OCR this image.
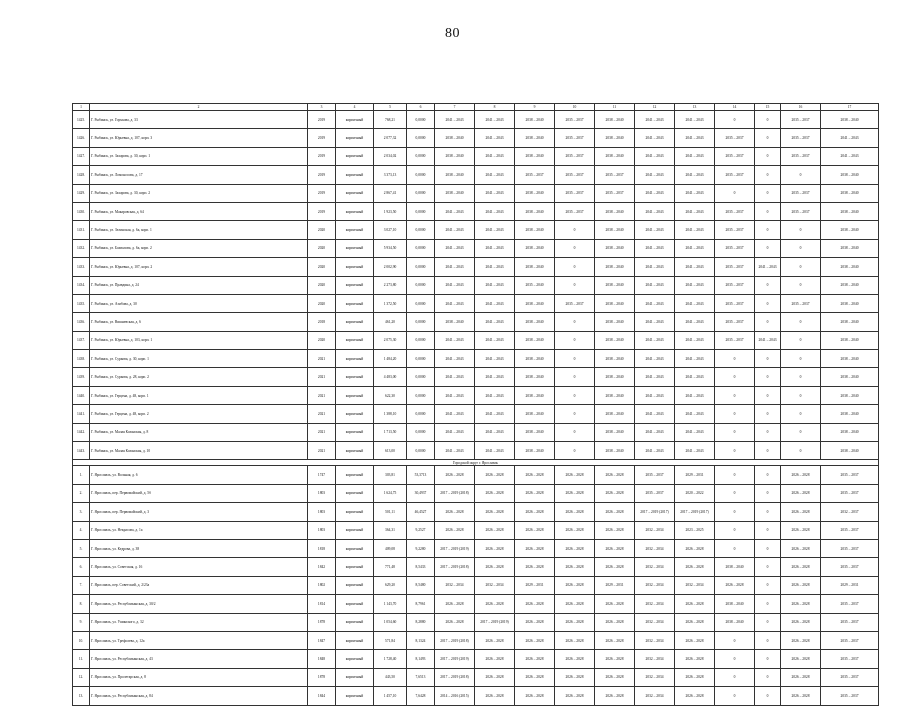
80
1	2	3	4	5	6	7	8	9	10	11	12	13	14	15	16	17
1425.	Г. Рыбинск, ул. Горъкова, д. 33	2019	кирпичный	768,21	0,0000	2041 – 2043	2041 – 2043	2038 – 2040	2035 – 2037	2038 – 2040	2041 – 2043	2041 – 2043	0	0	2035 – 2037	2038 – 2040
1426.	Г. Рыбинск, ул. Юрьевна, д. 107, корп. 3	2019	кирпичный	2 077,32	0,0000	2038 – 2040	2041 – 2043	2038 – 2040	2035 – 2037	2038 – 2040	2041 – 2043	2041 – 2043	2035 – 2037	0	2035 – 2037	2041 – 2043
1427.	Г. Рыбинск, ул. Захарова, д. 30, корп. 1	2019	кирпичный	2 034,02	0,0000	2038 – 2040	2041 – 2043	2038 – 2040	2035 – 2037	2038 – 2040	2041 – 2043	2041 – 2043	2035 – 2037	0	2035 – 2037	2041 – 2043
1428.	Г. Рыбинск, ул. Ломоносова, д. 17	2019	кирпичный	3 373,13	0,0000	2038 – 2040	2041 – 2043	2035 – 2037	2035 – 2037	2035 – 2037	2041 – 2043	2041 – 2043	2035 – 2037	0	0	2038 – 2040
1429.	Г. Рыбинск, ул. Захарова, д. 30, корп. 2	2019	кирпичный	2 867,41	0,0000	2038 – 2040	2041 – 2043	2038 – 2040	2035 – 2037	2035 – 2037	2041 – 2043	2041 – 2043	0	0	2035 – 2037	2038 – 2040
1430.	Г. Рыбинск, ул. Макаровская, д. 64	2019	кирпичный	1 923,50	0,0000	2041 – 2043	2041 – 2043	2038 – 2040	2035 – 2037	2038 – 2040	2041 – 2043	2041 – 2043	2035 – 2037	0	2035 – 2037	2038 – 2040
1431.	Г. Рыбинск, ул. Зелинская, д. 6а, корп. 1	2020	кирпичный	3 027,10	0,0000	2041 – 2043	2041 – 2043	2038 – 2040	0	2038 – 2040	2041 – 2043	2041 – 2043	2035 – 2037	0	0	2038 – 2040
1432.	Г. Рыбинск, ул. Бахвалова, д. 6а, корп. 2	2020	кирпичный	5 934,50	0,0000	2041 – 2043	2041 – 2043	2038 – 2040	0	2038 – 2040	2041 – 2043	2041 – 2043	2035 – 2037	0	0	2038 – 2040
1433.	Г. Рыбинск, ул. Юрьевна, д. 107, корп. 2	2020	кирпичный	2 002,90	0,0000	2041 – 2043	2041 – 2043	2038 – 2040	0	2038 – 2040	2041 – 2043	2041 – 2043	2035 – 2037	2041 – 2043	0	2038 – 2040
1434.	Г. Рыбинск, ул. Правдина, д. 24	2020	кирпичный	2 273,80	0,0000	2041 – 2043	2041 – 2043	2035 – 2040	0	2038 – 2040	2041 – 2043	2041 – 2043	2035 – 2037	0	0	2038 – 2040
1435.	Г. Рыбинск, ул. Азибова, д. 30	2020	кирпичный	1 372,50	0,0000	2041 – 2043	2041 – 2043	2038 – 2040	2035 – 2037	2038 – 2040	2041 – 2043	2041 – 2043	2035 – 2037	0	2035 – 2037	2038 – 2040
1436.	Г. Рыбинск, ул. Вишневская, д. 6	2018	кирпичный	461,20	0,0000	2038 – 2040	2041 – 2043	2038 – 2040	0	2038 – 2040	2041 – 2043	2041 – 2043	2035 – 2037	0	0	2038 – 2040
1437.	Г. Рыбинск, ул. Юрьевна, д. 103, корп. 1	2020	кирпичный	2 075,30	0,0000	2041 – 2043	2041 – 2043	2038 – 2040	0	2038 – 2040	2041 – 2043	2041 – 2043	2035 – 2037	2041 – 2043	0	2038 – 2040
1438.	Г. Рыбинск, ул. Суркова, д. 30, корп. 1	2021	кирпичный	1 484,20	0,0000	2041 – 2043	2041 – 2043	2038 – 2040	0	2038 – 2040	2041 – 2043	2041 – 2043	0	0	0	2038 – 2040
1439.	Г. Рыбинск, ул. Суркова, д. 28, корп. 2	2021	кирпичный	4 483,00	0,0000	2041 – 2043	2041 – 2043	2038 – 2040	0	2038 – 2040	2041 – 2043	2041 – 2043	0	0	0	2038 – 2040
1440.	Г. Рыбинск, ул. Герцена, д. 48, корп. 1	2021	кирпичный	622,30	0,0000	2041 – 2043	2041 – 2043	2038 – 2040	0	2038 – 2040	2041 – 2043	2041 – 2043	0	0	0	2038 – 2040
1441.	Г. Рыбинск, ул. Герцена, д. 48, корп. 2	2021	кирпичный	1 388,10	0,0000	2041 – 2043	2041 – 2043	2038 – 2040	0	2038 – 2040	2041 – 2043	2041 – 2043	0	0	0	2038 – 2040
1442.	Г. Рыбинск, ул. Малая Казанская, д. 8	2021	кирпичный	1 713,50	0,0000	2041 – 2043	2041 – 2043	2038 – 2040	0	2038 – 2040	2041 – 2043	2041 – 2043	0	0	0	2038 – 2040
1443.	Г. Рыбинск, ул. Малая Казанская, д. 10	2021	кирпичный	613,00	0,0000	2041 – 2043	2041 – 2043	2038 – 2040	0	2038 – 2040	2041 – 2043	2041 – 2043	0	0	0	2038 – 2040
Городской округ г. Ярославль																
1.	Г. Ярославль, ул. Вольная, д. 6	1747	кирпичный	303,81	53,3713	2026 – 2028	2026 – 2028	2026 – 2028	2026 – 2028	2026 – 2028	2035 – 2037	2029 – 2031	0	0	2026 – 2028	2035 – 2037
2.	Г. Ярославль, пер. Первомайский, д. 5б	1803	кирпичный	1 624,75	30,4937	2017 – 2019 (2018)	2026 – 2028	2026 – 2028	2026 – 2028	2026 – 2028	2035 – 2037	2020 – 2022	0	0	2026 – 2028	2035 – 2037
3.	Г. Ярославль, пер. Первомайский, д. 3	1803	кирпичный	501,11	46,4527	2026 – 2028	2026 – 2028	2026 – 2028	2026 – 2028	2026 – 2028	2017 – 2019 (2017)	2017 – 2019 (2017)	0	0	2026 – 2028	2032 – 2037
4.	Г. Ярославль, ул. Некрасова, д. 1а	1803	кирпичный	364,31	9,2527	2026 – 2028	2026 – 2028	2026 – 2028	2026 – 2028	2026 – 2028	2032 – 2034	2023 – 2025	0	0	2026 – 2028	2035 – 2037
5.	Г. Ярославль, ул. Кедрова, д. 38	1818	кирпичный	409,08	9,2280	2017 – 2019 (2019)	2026 – 2028	2026 – 2028	2026 – 2028	2026 – 2028	2032 – 2034	2026 – 2028	0	0	2026 – 2028	2035 – 2037
6.	Г. Ярославль, ул. Советская, д. 16	1842	кирпичный	771,48	8,5433	2017 – 2019 (2018)	2026 – 2028	2026 – 2028	2026 – 2028	2026 – 2028	2032 – 2034	2026 – 2028	2038 – 2040	0	2026 – 2028	2035 – 2037
7.	Г. Ярославль, пер. Советский, д. 2/23а	1802	кирпичный	629,20	8,5480	2032 – 2034	2032 – 2034	2029 – 2031	2026 – 2028	2029 – 2031	2032 – 2034	2032 – 2034	2026 – 2028	0	2026 – 2028	2029 – 2031
8.	Г. Ярославль, ул. Республиканская, д. 30/2	1814	кирпичный	1 143,70	8,7961	2026 – 2028	2026 – 2028	2026 – 2028	2026 – 2028	2026 – 2028	2032 – 2034	2026 – 2028	2038 – 2040	0	2026 – 2028	2035 – 2037
9.	Г. Ярославль, ул. Ушинского, д. 32	1878	кирпичный	1 054,60	8,2880	2026 – 2028	2017 – 2019 (2019)	2026 – 2028	2026 – 2028	2026 – 2028	2032 – 2034	2026 – 2028	2038 – 2040	0	2026 – 2028	2035 – 2037
10.	Г. Ярославль, ул. Трефолева, д. 12а	1847	кирпичный	571,84	8,1324	2017 – 2019 (2018)	2026 – 2028	2026 – 2028	2026 – 2028	2026 – 2028	2032 – 2034	2026 – 2028	0	0	2026 – 2028	2035 – 2037
11.	Г. Ярославль, ул. Республиканская, д. 43	1848	кирпичный	1 728,40	8,1493	2017 – 2019 (2019)	2026 – 2028	2026 – 2028	2026 – 2028	2026 – 2028	2032 – 2034	2026 – 2028	0	0	2026 – 2028	2035 – 2037
12.	Г. Ярославль, ул. Пролетарская, д. 8	1878	кирпичный	443,50	7,6513	2017 – 2019 (2018)	2026 – 2028	2026 – 2028	2026 – 2028	2026 – 2028	2032 – 2034	2026 – 2028	0	0	2026 – 2028	2035 – 2037
13.	Г. Ярославль, ул. Республиканская, д. 84	1844	кирпичный	1 457,10	7,6428	2014 – 2016 (2015)	2026 – 2028	2026 – 2028	2026 – 2028	2026 – 2028	2032 – 2034	2026 – 2028	0	0	2026 – 2028	2035 – 2037
